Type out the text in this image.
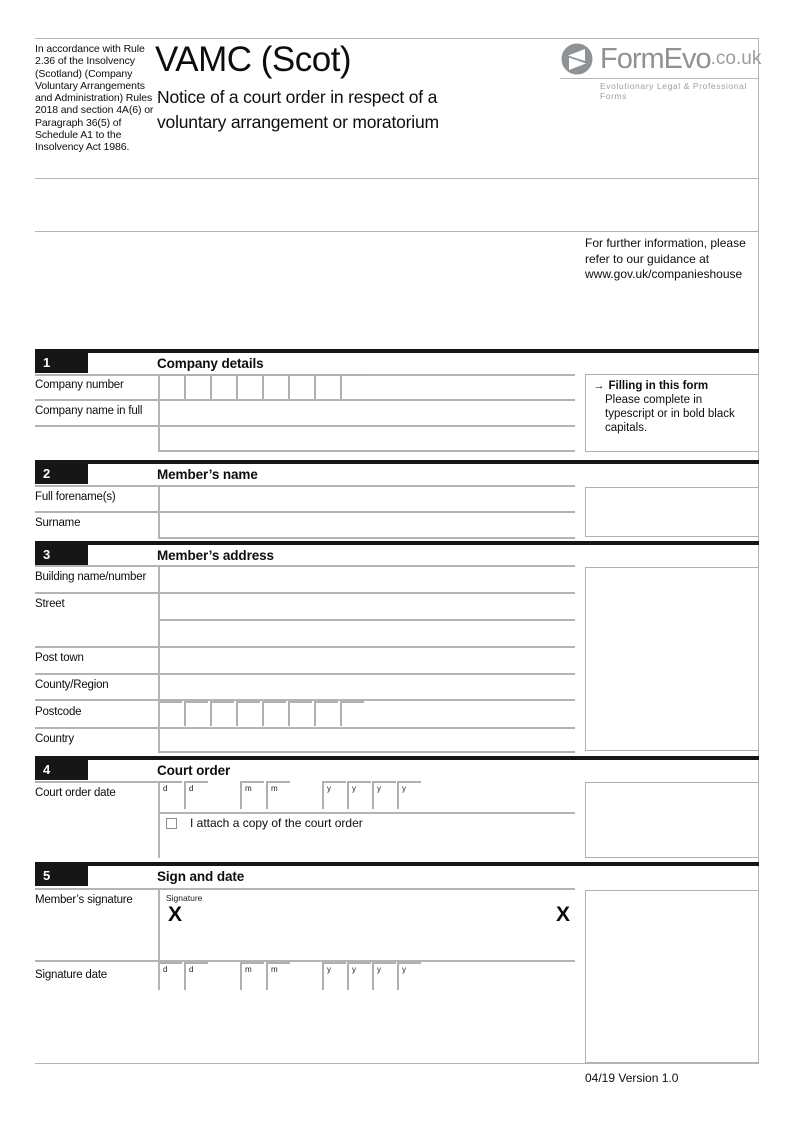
In accordance with Rule 2.36 of the Insolvency (Scotland) (Company Voluntary Arrangements and Administration) Rules 2018 and section 4A(6) or Paragraph 36(5) of Schedule A1 to the Insolvency Act 1986.
VAMC (Scot)
Notice of a court order in respect of a voluntary arrangement or moratorium
FormEvo .co.uk
Evolutionary Legal & Professional Forms
For further information, please refer to our guidance at www.gov.uk/companieshouse
1	Company details
Company number
Company name in full
→ Filling in this form
Please complete in typescript or in bold black capitals.
2	Member’s name
Full forename(s)
Surname
3	Member’s address
Building name/number
Street
Post town
County/Region
Postcode
Country
4	Court order
Court order date	d	d	m	m	y	y	y	y
I attach a copy of the court order
5	Sign and date
Member’s signature	Signature
X	X
Signature date	d	d	m	m	y	y	y	y
04/19 Version 1.0
